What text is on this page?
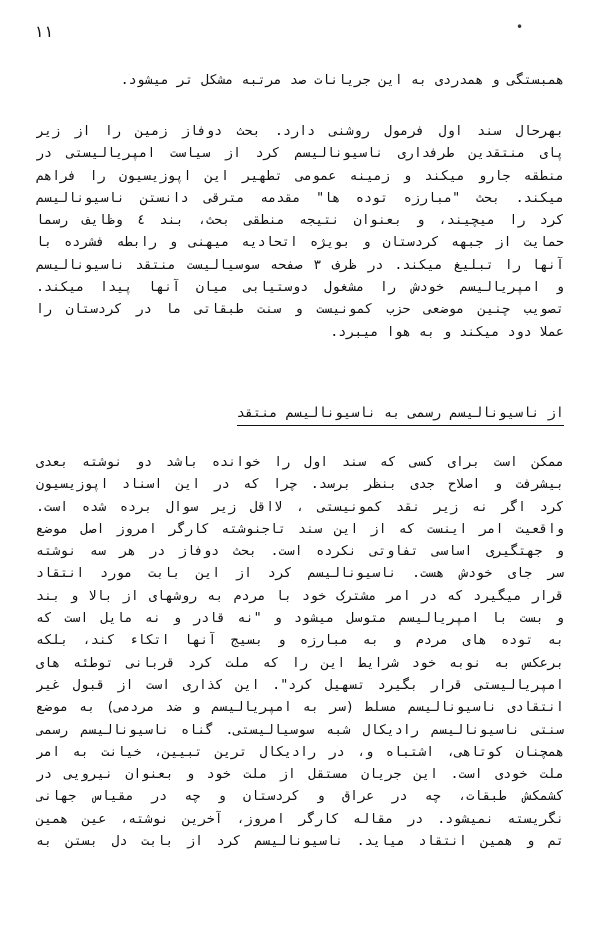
۱۱	•
همبستگی و همدردی به این جریانات صد مرتبه مشکل تر میشود.
بهرحال سند اول فرمول روشنی دارد. بحث دوفاز زمین را از زیر
پای منتقدین طرفداری ناسیونالیسم کرد از سیاست امپریالیستی در
منطقه جارو میکند و زمینه عمومی تطهیر این اپوزیسیون را فراهم
میکند. بحث "مبارزه توده ها" مقدمه مترقی دانستن ناسیونالیسم
کرد را میچیند، و بعنوان نتیجه منطقی بحث، بند ٤ وظایف رسما
حمایت از جبهه کردستان و بویژه اتحادیه میهنی و رابطه فشرده با
آنها را تبلیغ میکند. در ظرف ۳ صفحه سوسیالیست منتقد ناسیونالیسم
و امپریالیسم خودش را مشغول دوستیابی میان آنها پیدا میکند.
تصویب چنین موضعی حزب کمونیست و سنت طبقاتی ما در کردستان را
عملا دود میکند و به هوا میبرد.
از ناسیونالیسم رسمی به ناسیونالیسم منتقد
ممکن است برای کسی که سند اول را خوانده باشد دو نوشته بعدی
بیشرفت و اصلاح جدی بنظر برسد. چرا که در این اسناد اپوزیسیون
کرد اگر نه زیر نقد کمونیستی ، لااقل زیر سوال برده شده است.
واقعیت امر اینست که از این سند تاجنوشته کارگر امروز اصل موضع
و جهتگیری اساسی تفاوتی نکرده است. بحث دوفاز در هر سه نوشته
سر جای خودش هست. ناسیونالیسم کرد از این بابت مورد انتقاد
قرار میگیرد که در امر مشترک خود با مردم به روشهای از بالا و بند
و بست با امپریالیسم متوسل میشود و "نه قادر و نه مایل است که
به توده های مردم و به مبارزه و بسیج آنها اتکاء کند، بلکه
برعکس به نوبه خود شرایط این را که ملت کرد قربانی توطئه های
امپریالیستی قرار بگیرد تسهیل کرد". این کذاری است از قبول غیر
انتقادی ناسیونالیسم مسلط (سر به امپریالیسم و ضد مردمی) به موضع
سنتی ناسیونالیسم رادیکال شبه سوسیالیستی. گناه ناسیونالیسم رسمی
همچنان کوتاهی، اشتباه و، در رادیکال ترین تبیین، خیانت به امر
ملت خودی است. این جریان مستقل از ملت خود و بعنوان نیرویی در
کشمکش طبقات، چه در عراق و کردستان و چه در مقیاس جهانی
نگریسته نمیشود. در مقاله کارگر امروز، آخرین نوشته، عین همین
تم و همین انتقاد میاید. ناسیونالیسم کرد از بابت دل بستن به
